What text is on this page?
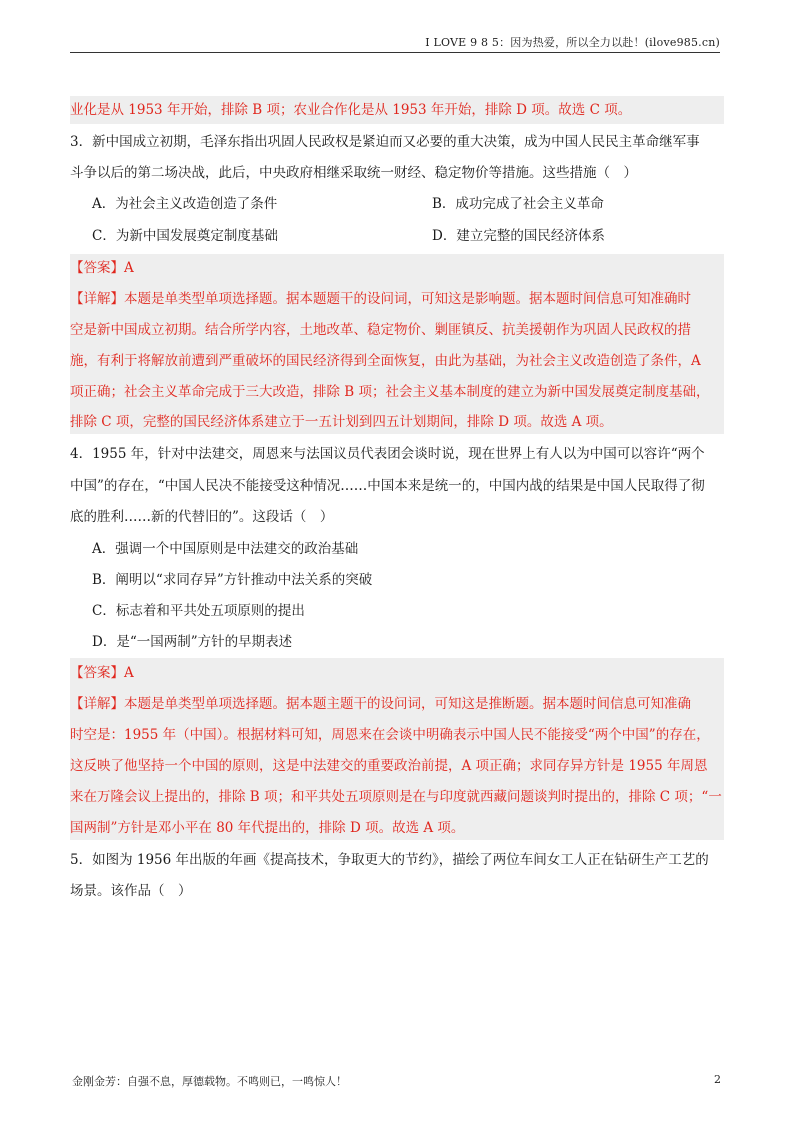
I LOVE 9 8 5：因为热爱，所以全力以赴！(ilove985.cn)
业化是从 1953 年开始，排除 B 项；农业合作化是从 1953 年开始，排除 D 项。故选 C 项。
3．新中国成立初期，毛泽东指出巩固人民政权是紧迫而又必要的重大决策，成为中国人民民主革命继军事
斗争以后的第二场决战，此后，中央政府相继采取统一财经、稳定物价等措施。这些措施（　）
A．为社会主义改造创造了条件	B．成功完成了社会主义革命
C．为新中国发展奠定制度基础	D．建立完整的国民经济体系
【答案】A
【详解】本题是单类型单项选择题。据本题题干的设问词，可知这是影响题。据本题时间信息可知准确时
空是新中国成立初期。结合所学内容，土地改革、稳定物价、剿匪镇反、抗美援朝作为巩固人民政权的措
施，有利于将解放前遭到严重破坏的国民经济得到全面恢复，由此为基础，为社会主义改造创造了条件，A
项正确；社会主义革命完成于三大改造，排除 B 项；社会主义基本制度的建立为新中国发展奠定制度基础，
排除 C 项，完整的国民经济体系建立于一五计划到四五计划期间，排除 D 项。故选 A 项。
4．1955 年，针对中法建交，周恩来与法国议员代表团会谈时说，现在世界上有人以为中国可以容许“两个
中国”的存在，“中国人民决不能接受这种情况……中国本来是统一的，中国内战的结果是中国人民取得了彻
底的胜利……新的代替旧的”。这段话（　）
A．强调一个中国原则是中法建交的政治基础
B．阐明以“求同存异”方针推动中法关系的突破
C．标志着和平共处五项原则的提出
D．是“一国两制”方针的早期表述
【答案】A
【详解】本题是单类型单项选择题。据本题主题干的设问词，可知这是推断题。据本题时间信息可知准确
时空是：1955 年（中国）。根据材料可知，周恩来在会谈中明确表示中国人民不能接受“两个中国”的存在，
这反映了他坚持一个中国的原则，这是中法建交的重要政治前提，A 项正确；求同存异方针是 1955 年周恩
来在万隆会议上提出的，排除 B 项；和平共处五项原则是在与印度就西藏问题谈判时提出的，排除 C 项；“一
国两制”方针是邓小平在 80 年代提出的，排除 D 项。故选 A 项。
5．如图为 1956 年出版的年画《提高技术，争取更大的节约》，描绘了两位车间女工人正在钻研生产工艺的
场景。该作品（　）
金刚金芳：自强不息，厚德载物。不鸣则已，一鸣惊人！	2
